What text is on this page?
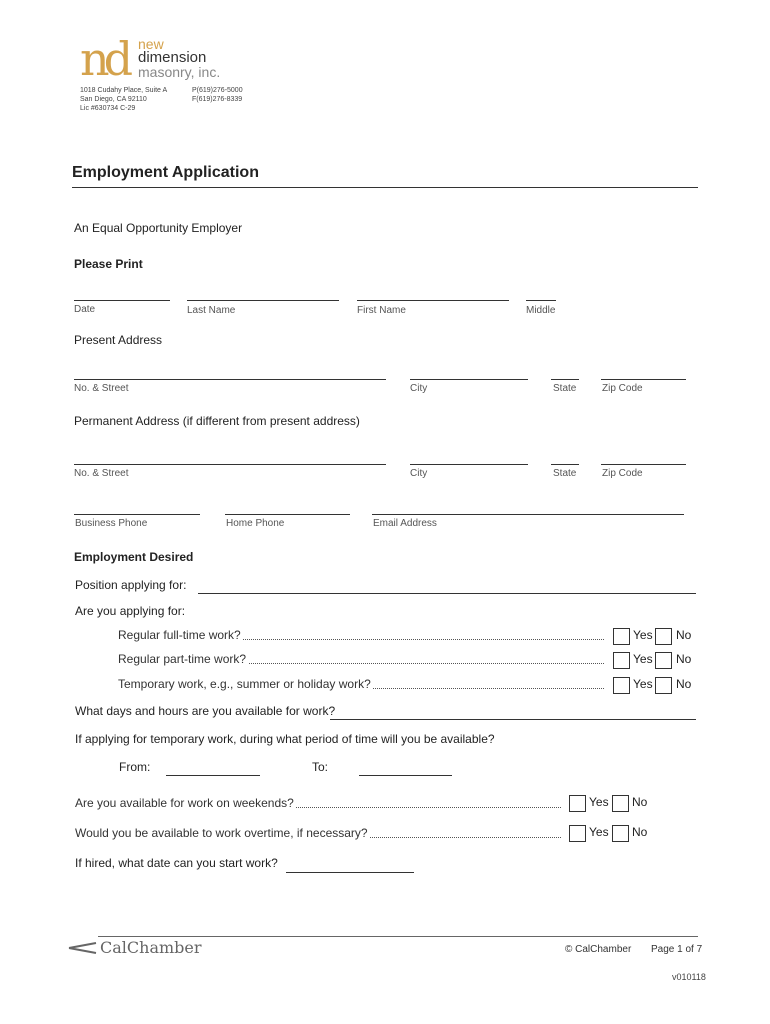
nd new
dimension
masonry, inc.
1018 Cudahy Place, Suite A
San Diego, CA 92110
Lic #630734 C-29
P(619)276-5000
F(619)276-8339
Employment Application
An Equal Opportunity Employer
Please Print
Date	Last Name	First Name	Middle
Present Address
No. & Street	City	State	Zip Code
Permanent Address (if different from present address)
No. & Street	City	State	Zip Code
Business Phone	Home Phone	Email Address
Employment Desired
Position applying for:
Are you applying for:
Regular full-time work?	Yes No
Regular part-time work?	Yes No
Temporary work, e.g., summer or holiday work?	Yes No
What days and hours are you available for work?
If applying for temporary work, during what period of time will you be available?
From:	To:
Are you available for work on weekends?	Yes No
Would you be available to work overtime, if necessary?	Yes No
If hired, what date can you start work?
CalChamber	© CalChamber Page 1 of 7
v010118
